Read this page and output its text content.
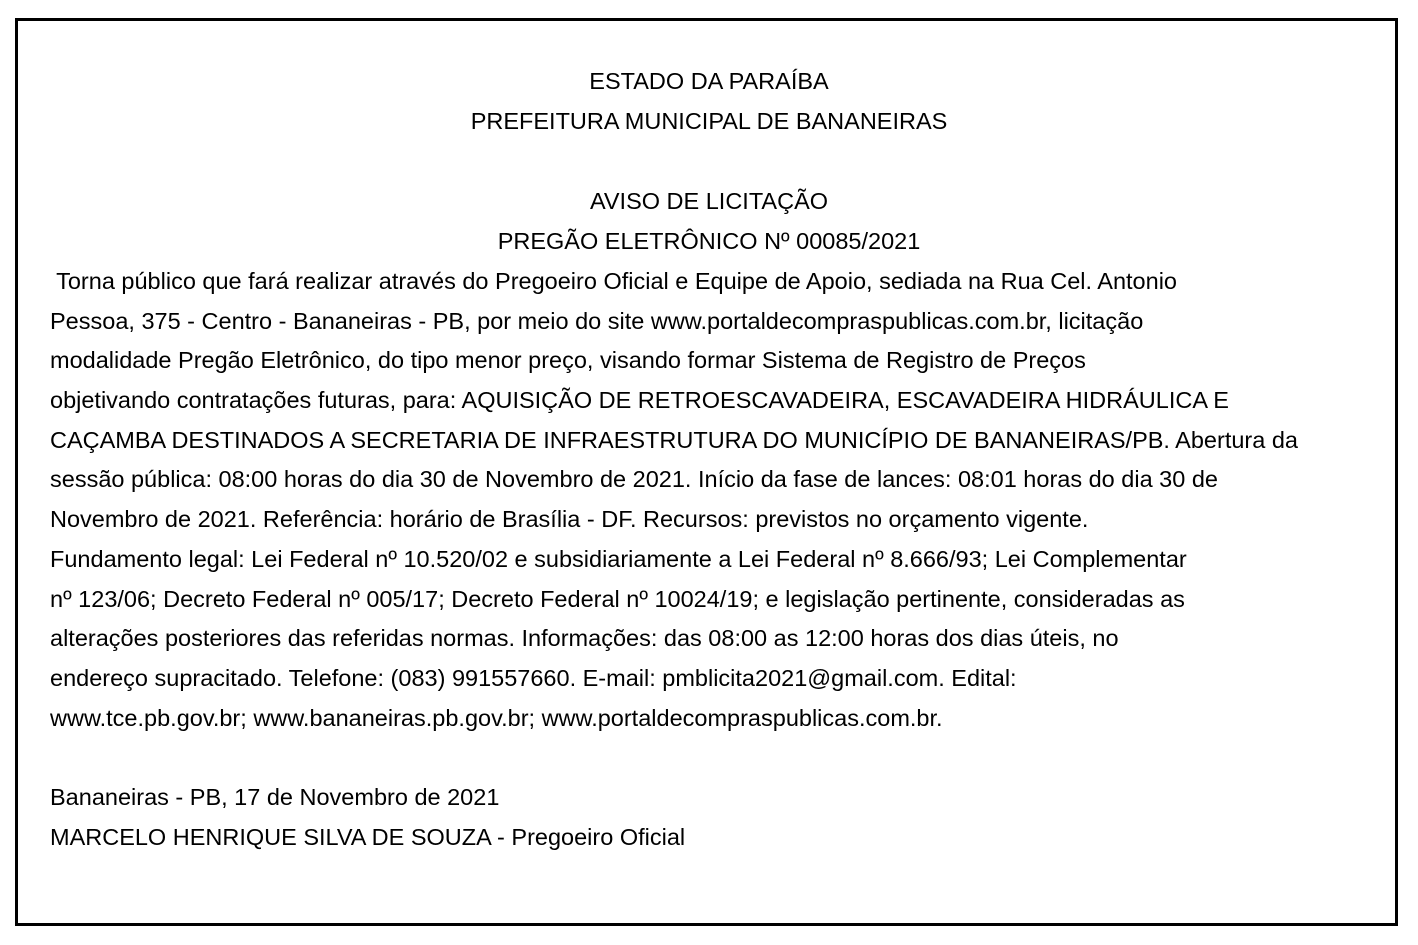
ESTADO DA PARAÍBA

PREFEITURA MUNICIPAL DE BANANEIRAS

AVISO DE LICITAÇÃO

PREGÃO ELETRÔNICO Nº 00085/2021

Torna público que fará realizar através do Pregoeiro Oficial e Equipe de Apoio, sediada na Rua Cel. Antonio

Pessoa, 375 - Centro - Bananeiras - PB, por meio do site www.portaldecompraspublicas.com.br, licitação

modalidade Pregão Eletrônico, do tipo menor preço, visando formar Sistema de Registro de Preços

objetivando contratações futuras, para: AQUISIÇÃO DE RETROESCAVADEIRA, ESCAVADEIRA HIDRÁULICA E

CAÇAMBA DESTINADOS A SECRETARIA DE INFRAESTRUTURA DO MUNICÍPIO DE BANANEIRAS/PB. Abertura da

sessão pública: 08:00 horas do dia 30 de Novembro de 2021. Início da fase de lances: 08:01 horas do dia 30 de

Novembro de 2021. Referência: horário de Brasília - DF. Recursos: previstos no orçamento vigente.

Fundamento legal: Lei Federal nº 10.520/02 e subsidiariamente a Lei Federal nº 8.666/93; Lei Complementar

nº 123/06; Decreto Federal nº 005/17; Decreto Federal nº 10024/19; e legislação pertinente, consideradas as

alterações posteriores das referidas normas. Informações: das 08:00 as 12:00 horas dos dias úteis, no

endereço supracitado. Telefone: (083) 991557660. E-mail: pmblicita2021@gmail.com. Edital:

www.tce.pb.gov.br; www.bananeiras.pb.gov.br; www.portaldecompraspublicas.com.br.

Bananeiras - PB, 17 de Novembro de 2021

MARCELO HENRIQUE SILVA DE SOUZA - Pregoeiro Oficial
